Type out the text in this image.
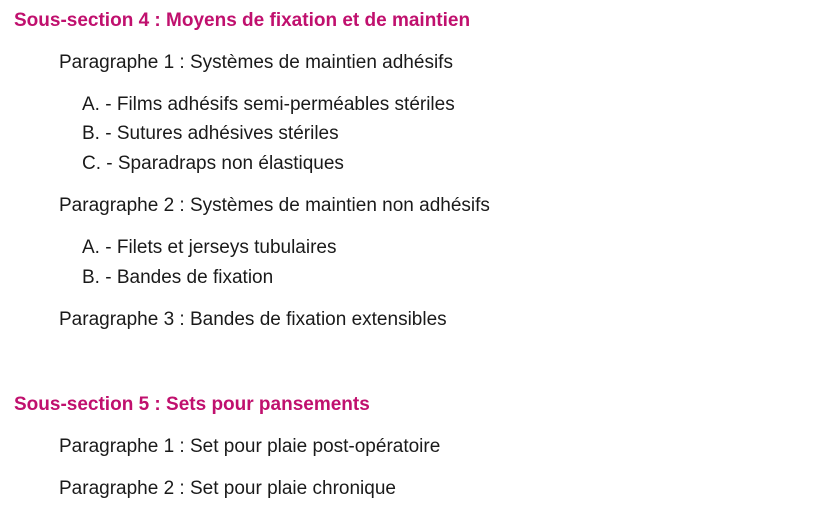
Sous-section 4 : Moyens de fixation et de maintien
Paragraphe 1 : Systèmes de maintien adhésifs
A. - Films adhésifs semi-perméables stériles
B. - Sutures adhésives stériles
C. - Sparadraps non élastiques
Paragraphe 2 : Systèmes de maintien non adhésifs
A. - Filets et jerseys tubulaires
B. - Bandes de fixation
Paragraphe 3 : Bandes de fixation extensibles
Sous-section 5 : Sets pour pansements
Paragraphe 1 : Set pour plaie post-opératoire
Paragraphe 2 : Set pour plaie chronique
